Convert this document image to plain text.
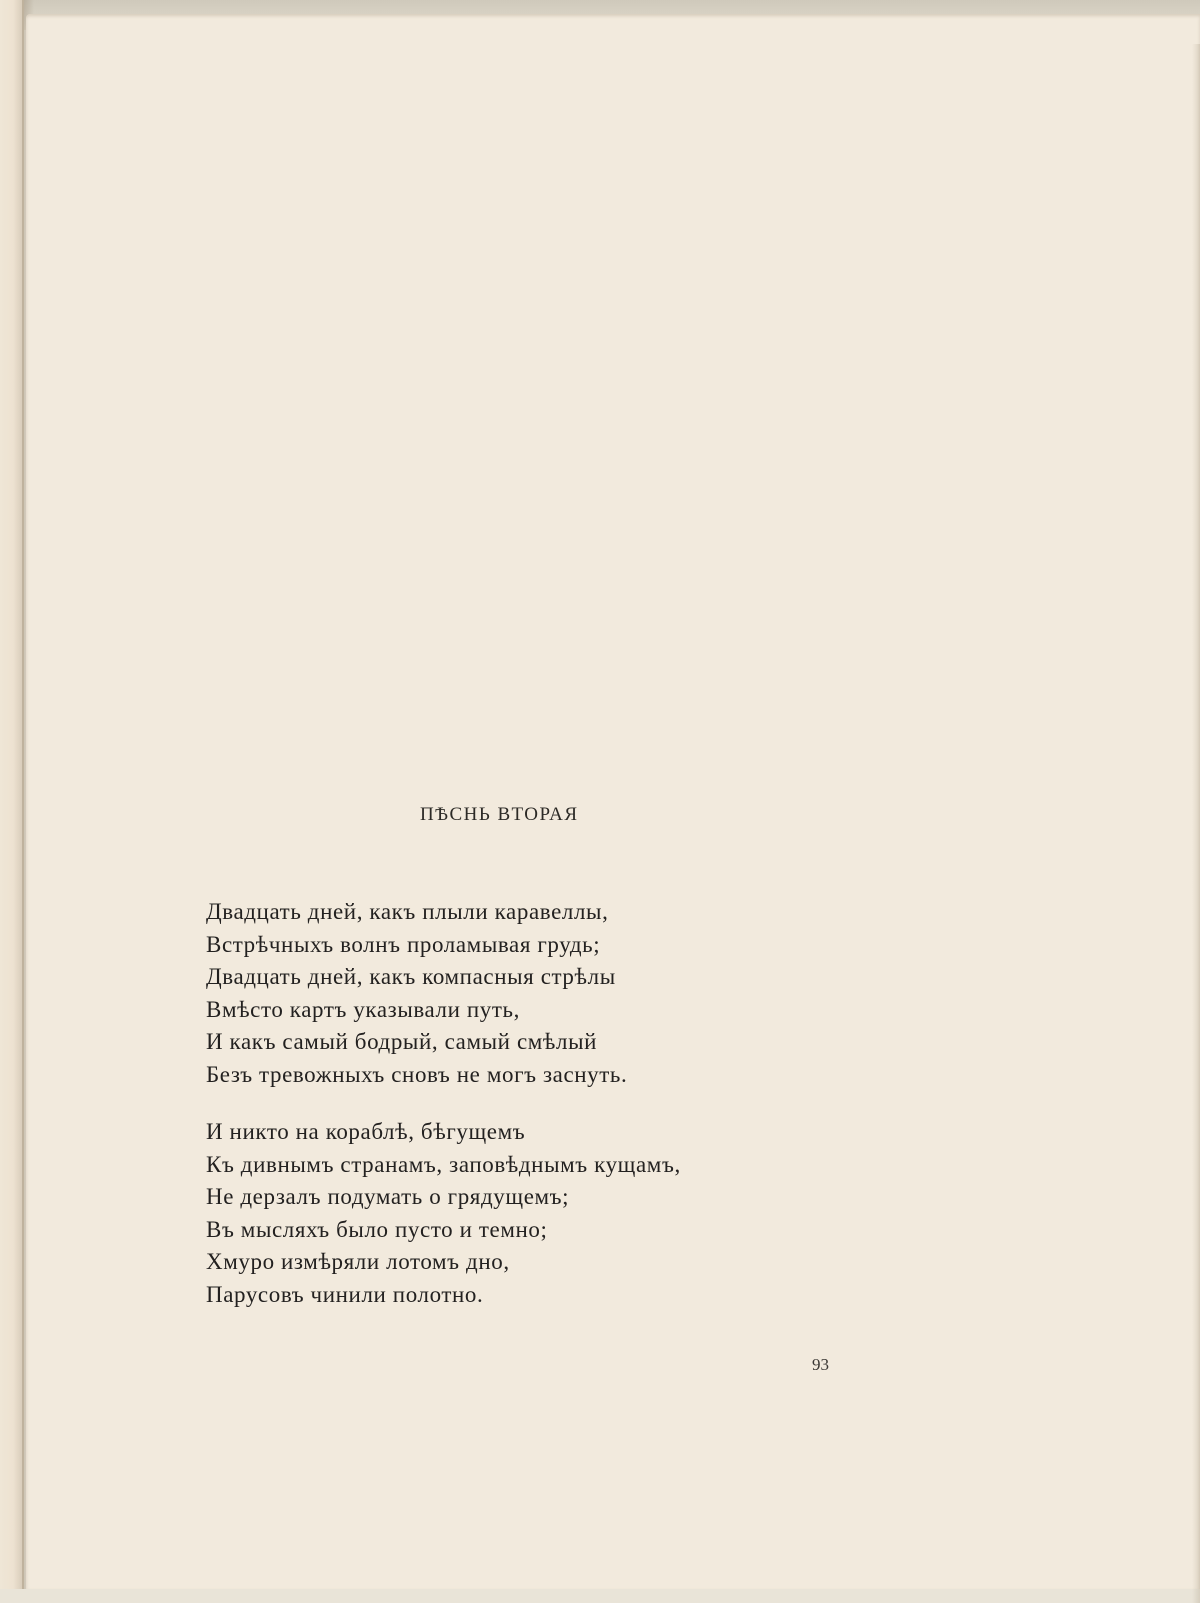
ПѢСНЬ ВТОРАЯ
Двадцать дней, какъ плыли каравеллы,
Встрѣчныхъ волнъ проламывая грудь;
Двадцать дней, какъ компасныя стрѣлы
Вмѣсто картъ указывали путь,
И какъ самый бодрый, самый смѣлый
Безъ тревожныхъ сновъ не могъ заснуть.
И никто на кораблѣ, бѣгущемъ
Къ дивнымъ странамъ, заповѣднымъ кущамъ,
Не дерзалъ подумать о грядущемъ;
Въ мысляхъ было пусто и темно;
Хмуро измѣряли лотомъ дно,
Парусовъ чинили полотно.
93
